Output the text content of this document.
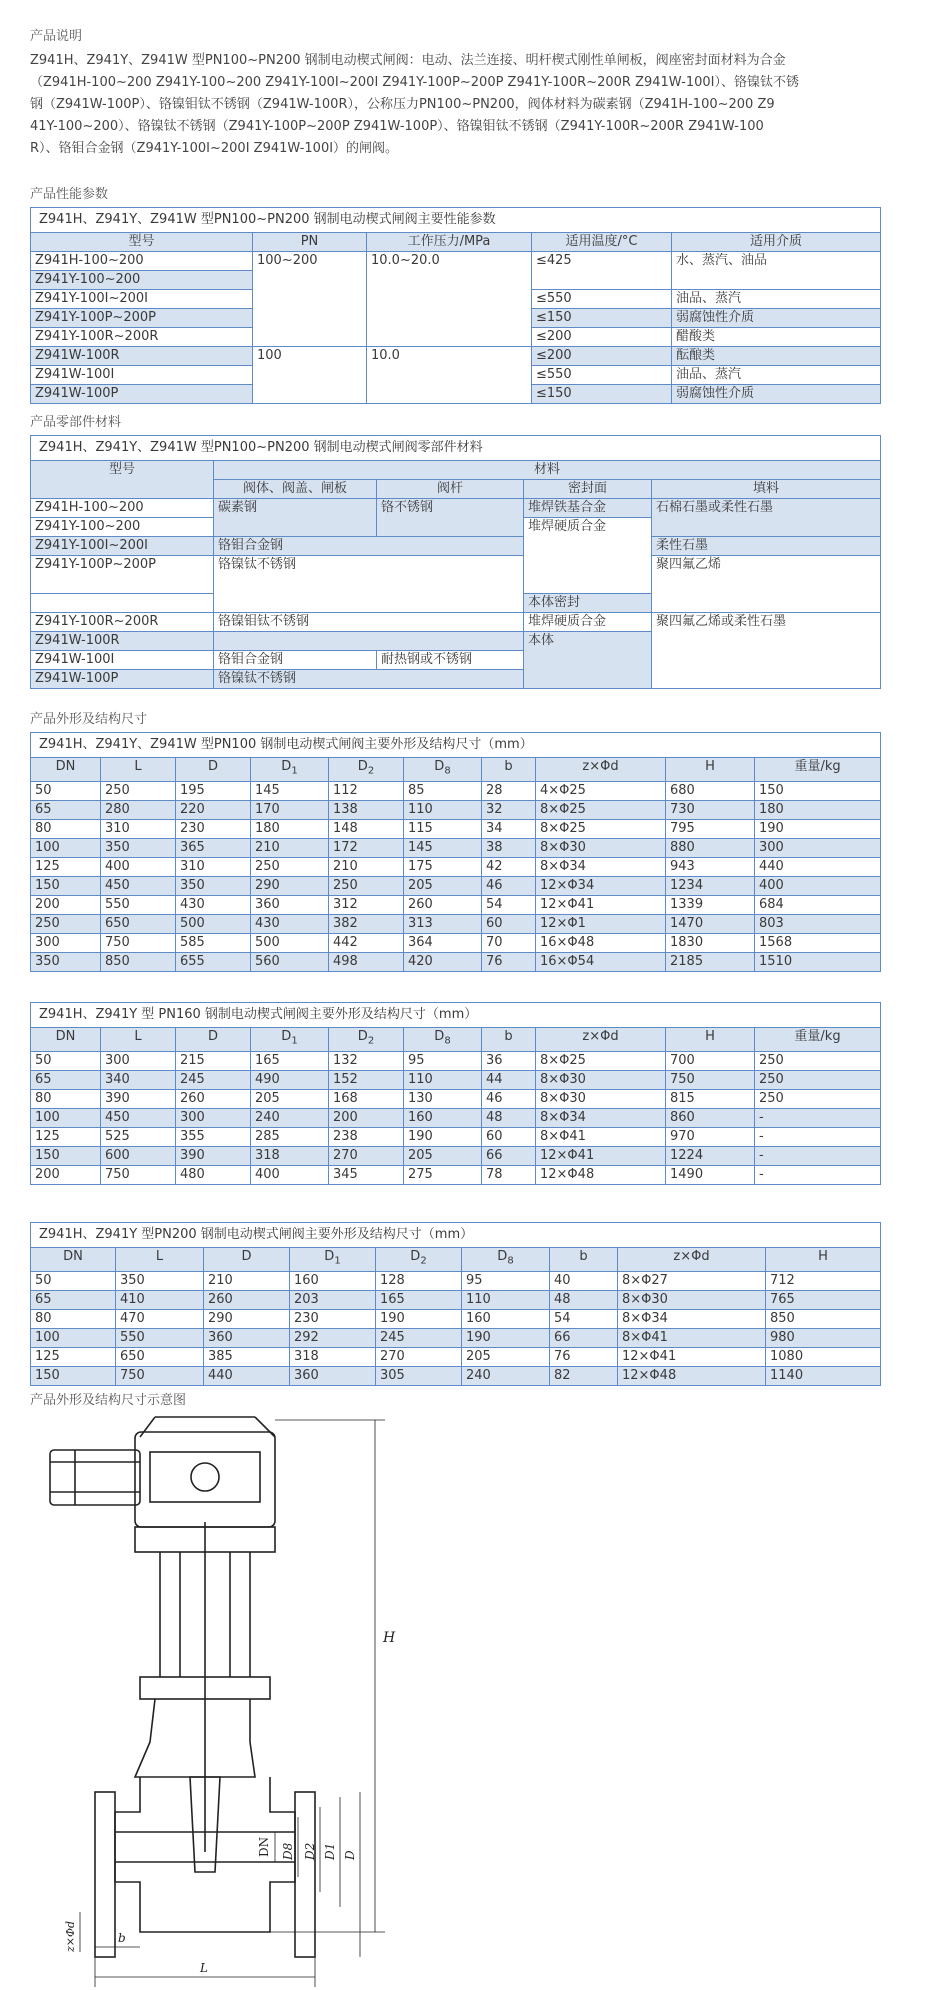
产品说明

Z941H、Z941Y、Z941W 型PN100~PN200 钢制电动楔式闸阀：电动、法兰连接、明杆楔式刚性单闸板，阀座密封面材料为合金

（Z941H-100~200 Z941Y-100~200 Z941Y-100I~200I Z941Y-100P~200P Z941Y-100R~200R Z941W-100I）、铬镍钛不锈

钢（Z941W-100P）、铬镍钼钛不锈钢（Z941W-100R），公称压力PN100~PN200，阀体材料为碳素钢（Z941H-100~200 Z9

41Y-100~200）、铬镍钛不锈钢（Z941Y-100P~200P Z941W-100P）、铬镍钼钛不锈钢（Z941Y-100R~200R Z941W-100

R）、铬钼合金钢（Z941Y-100I~200I Z941W-100I）的闸阀。

产品性能参数

Z941H、Z941Y、Z941W 型PN100~PN200 钢制电动楔式闸阀主要性能参数				
型号	PN	工作压力/MPa	适用温度/°C	适用介质
Z941H-100~200	100~200	10.0~20.0	≤425	水、蒸汽、油品
Z941Y-100~200				
Z941Y-100I~200I			≤550	油品、蒸汽
Z941Y-100P~200P			≤150	弱腐蚀性介质
Z941Y-100R~200R			≤200	醋酸类
Z941W-100R	100	10.0	≤200	酝酿类
Z941W-100I			≤550	油品、蒸汽
Z941W-100P			≤150	弱腐蚀性介质

产品零部件材料

Z941H、Z941Y、Z941W 型PN100~PN200 钢制电动楔式闸阀零部件材料				
型号	材料			
	阀体、阀盖、闸板	阀杆	密封面	填料
Z941H-100~200	碳素钢	铬不锈钢	堆焊铁基合金	石棉石墨或柔性石墨
Z941Y-100~200			堆焊硬质合金	
Z941Y-100I~200I	铬钼合金钢			柔性石墨
Z941Y-100P~200P	铬镍钛不锈钢			聚四氟乙烯
			本体密封	
Z941Y-100R~200R	铬镍钼钛不锈钢		堆焊硬质合金	聚四氟乙烯或柔性石墨
Z941W-100R			本体	
Z941W-100I	铬钼合金钢	耐热钢或不锈钢		
Z941W-100P	铬镍钛不锈钢			

产品外形及结构尺寸

Z941H、Z941Y、Z941W 型PN100 钢制电动楔式闸阀主要外形及结构尺寸（mm）									
DN	L	D	$D_1$	$D_2$	$D_8$	b	z×Φd	H	重量/kg
50	250	195	145	112	85	28	4×Φ25	680	150
65	280	220	170	138	110	32	8×Φ25	730	180
80	310	230	180	148	115	34	8×Φ25	795	190
100	350	365	210	172	145	38	8×Φ30	880	300
125	400	310	250	210	175	42	8×Φ34	943	440
150	450	350	290	250	205	46	12×Φ34	1234	400
200	550	430	360	312	260	54	12×Φ41	1339	684
250	650	500	430	382	313	60	12×Φ1	1470	803
300	750	585	500	442	364	70	16×Φ48	1830	1568
350	850	655	560	498	420	76	16×Φ54	2185	1510
Z941H、Z941Y 型 PN160 钢制电动楔式闸阀主要外形及结构尺寸（mm）									
DN	L	D	$D_1$	$D_2$	$D_8$	b	z×Φd	H	重量/kg
50	300	215	165	132	95	36	8×Φ25	700	250
65	340	245	490	152	110	44	8×Φ30	750	250
80	390	260	205	168	130	46	8×Φ30	815	250
100	450	300	240	200	160	48	8×Φ34	860	-
125	525	355	285	238	190	60	8×Φ41	970	-
150	600	390	318	270	205	66	12×Φ41	1224	-
200	750	480	400	345	275	78	12×Φ48	1490	-
Z941H、Z941Y 型PN200 钢制电动楔式闸阀主要外形及结构尺寸（mm）								
DN	L	D	$D_1$	$D_2$	$D_8$	b	z×Φd	H
50	350	210	160	128	95	40	8×Φ27	712
65	410	260	203	165	110	48	8×Φ30	765
80	470	290	230	190	160	54	8×Φ34	850
100	550	360	292	245	190	66	8×Φ41	980
125	650	385	318	270	205	76	12×Φ41	1080
150	750	440	360	305	240	82	12×Φ48	1140

产品外形及结构尺寸示意图

H
DN D8 D2 D1 D
b
L
z×Φd
